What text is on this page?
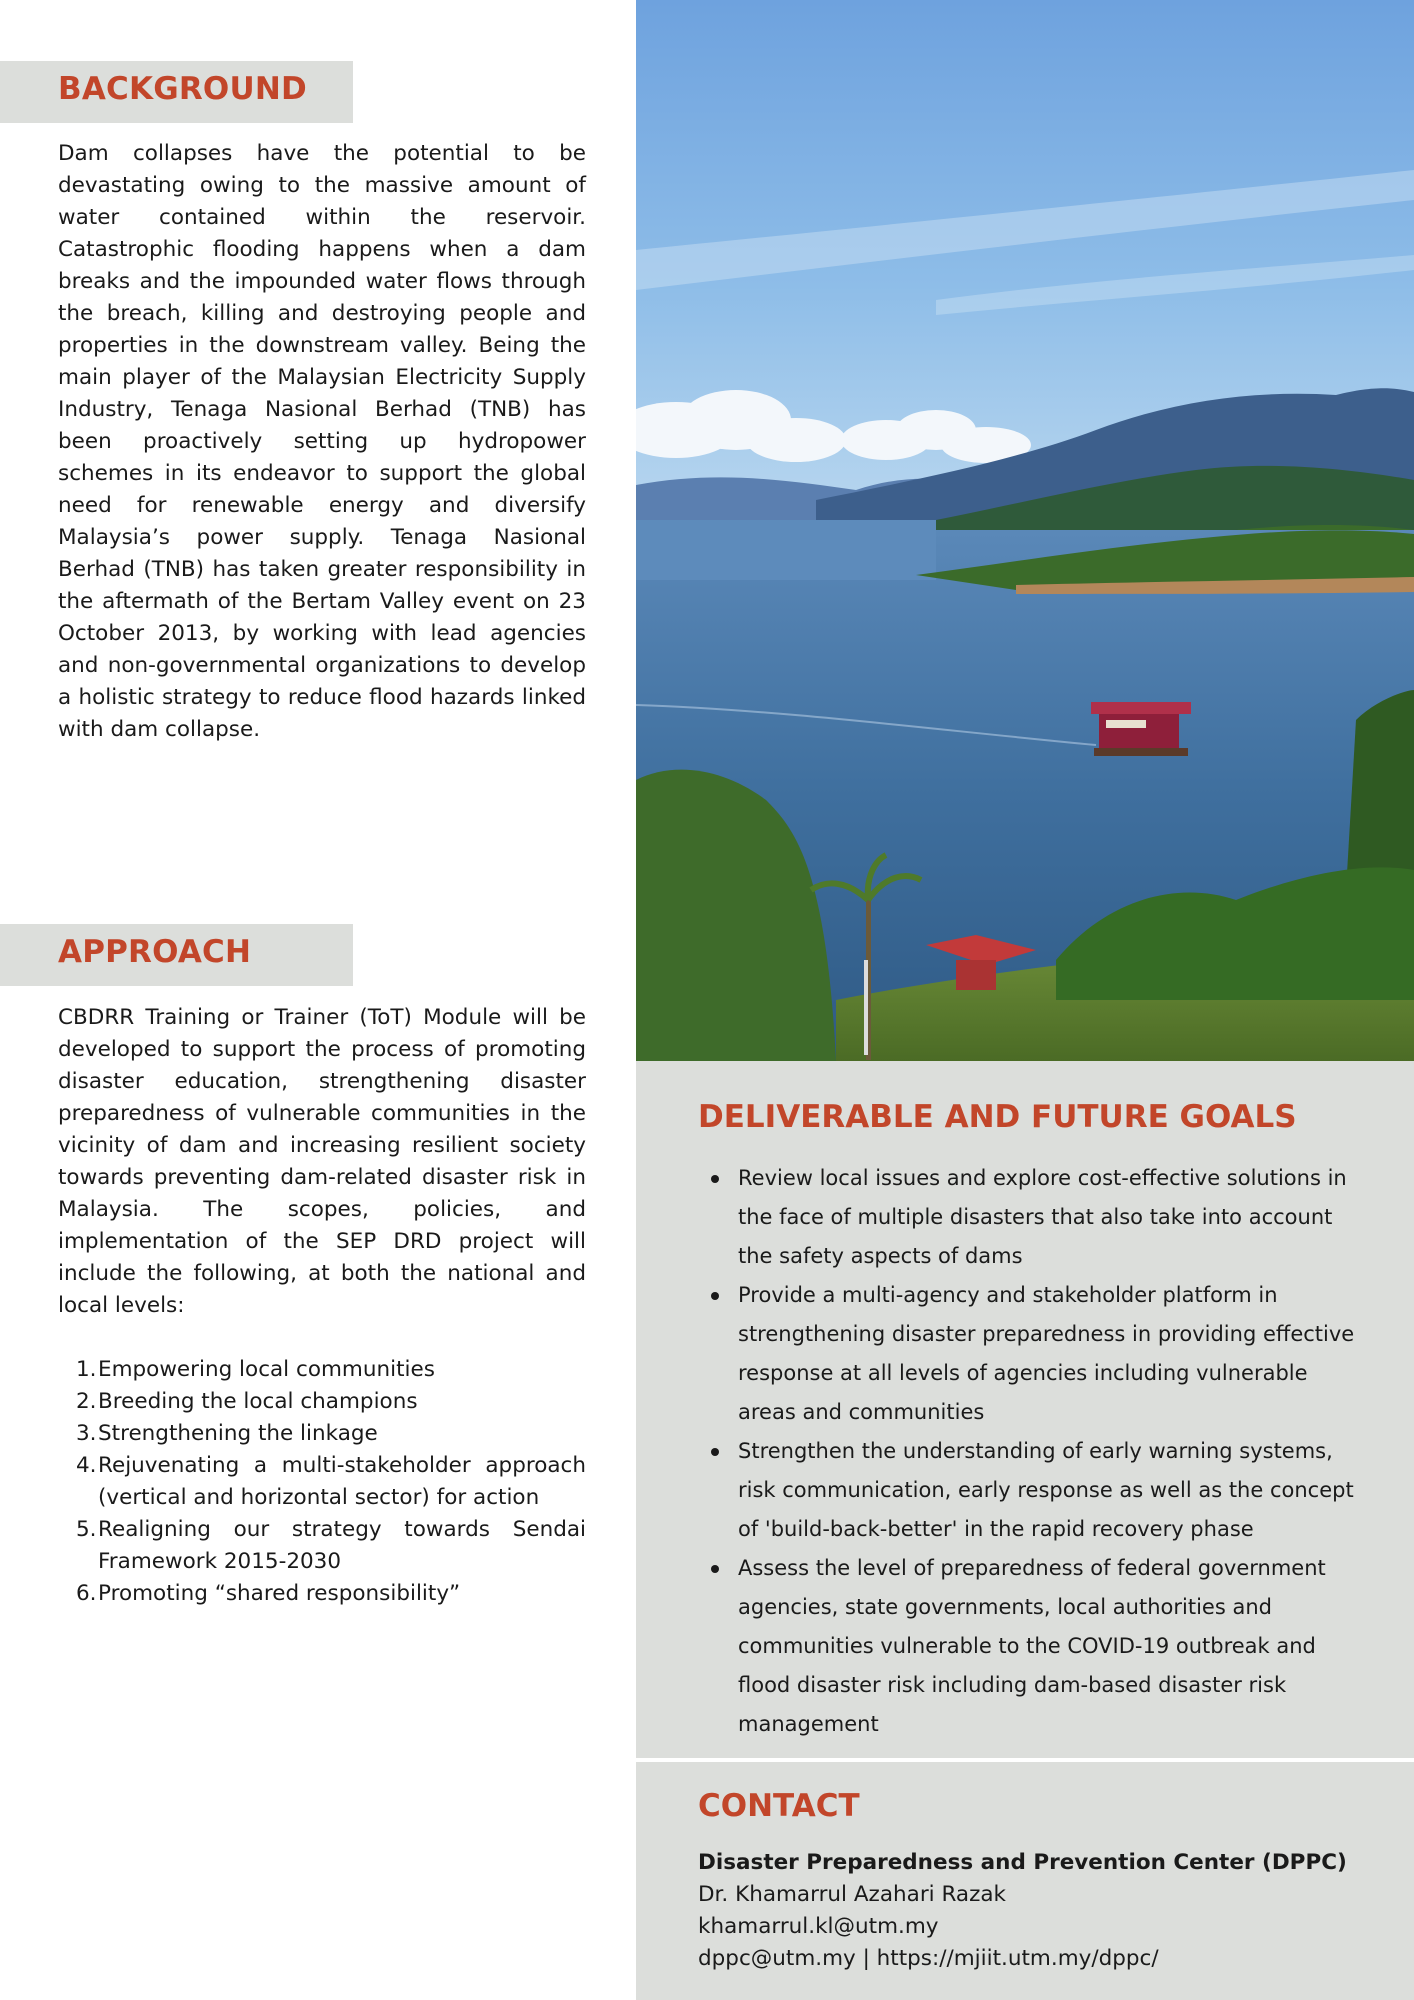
BACKGROUND

Dam collapses have the potential to be devastating owing to the massive amount of water contained within the reservoir. Catastrophic flooding happens when a dam breaks and the impounded water flows through the breach, killing and destroying people and properties in the downstream valley. Being the main player of the Malaysian Electricity Supply Industry, Tenaga Nasional Berhad (TNB) has been proactively setting up hydropower schemes in its endeavor to support the global need for renewable energy and diversify Malaysia’s power supply. Tenaga Nasional Berhad (TNB) has taken greater responsibility in the aftermath of the Bertam Valley event on 23 October 2013, by working with lead agencies and non-governmental organizations to develop a holistic strategy to reduce flood hazards linked with dam collapse.

APPROACH

CBDRR Training or Trainer (ToT) Module will be developed to support the process of promoting disaster education, strengthening disaster preparedness of vulnerable communities in the vicinity of dam and increasing resilient society towards preventing dam-related disaster risk in Malaysia. The scopes, policies, and implementation of the SEP DRD project will include the following, at both the national and local levels:

1. Empowering local communities
2. Breeding the local champions
3. Strengthening the linkage
4. Rejuvenating a multi-stakeholder approach (vertical and horizontal sector) for action
5. Realigning our strategy towards Sendai Framework 2015-2030
6. Promoting “shared responsibility”
DELIVERABLE AND FUTURE GOALS
Review local issues and explore cost-effective solutions in the face of multiple disasters that also take into account the safety aspects of dams
Provide a multi-agency and stakeholder platform in strengthening disaster preparedness in providing effective response at all levels of agencies including vulnerable areas and communities
Strengthen the understanding of early warning systems, risk communication, early response as well as the concept of 'build-back-better' in the rapid recovery phase
Assess the level of preparedness of federal government agencies, state governments, local authorities and communities vulnerable to the COVID-19 outbreak and flood disaster risk including dam-based disaster risk management
CONTACT
Disaster Preparedness and Prevention Center (DPPC)
Dr. Khamarrul Azahari Razak
khamarrul.kl@utm.my
dppc@utm.my | https://mjiit.utm.my/dppc/
